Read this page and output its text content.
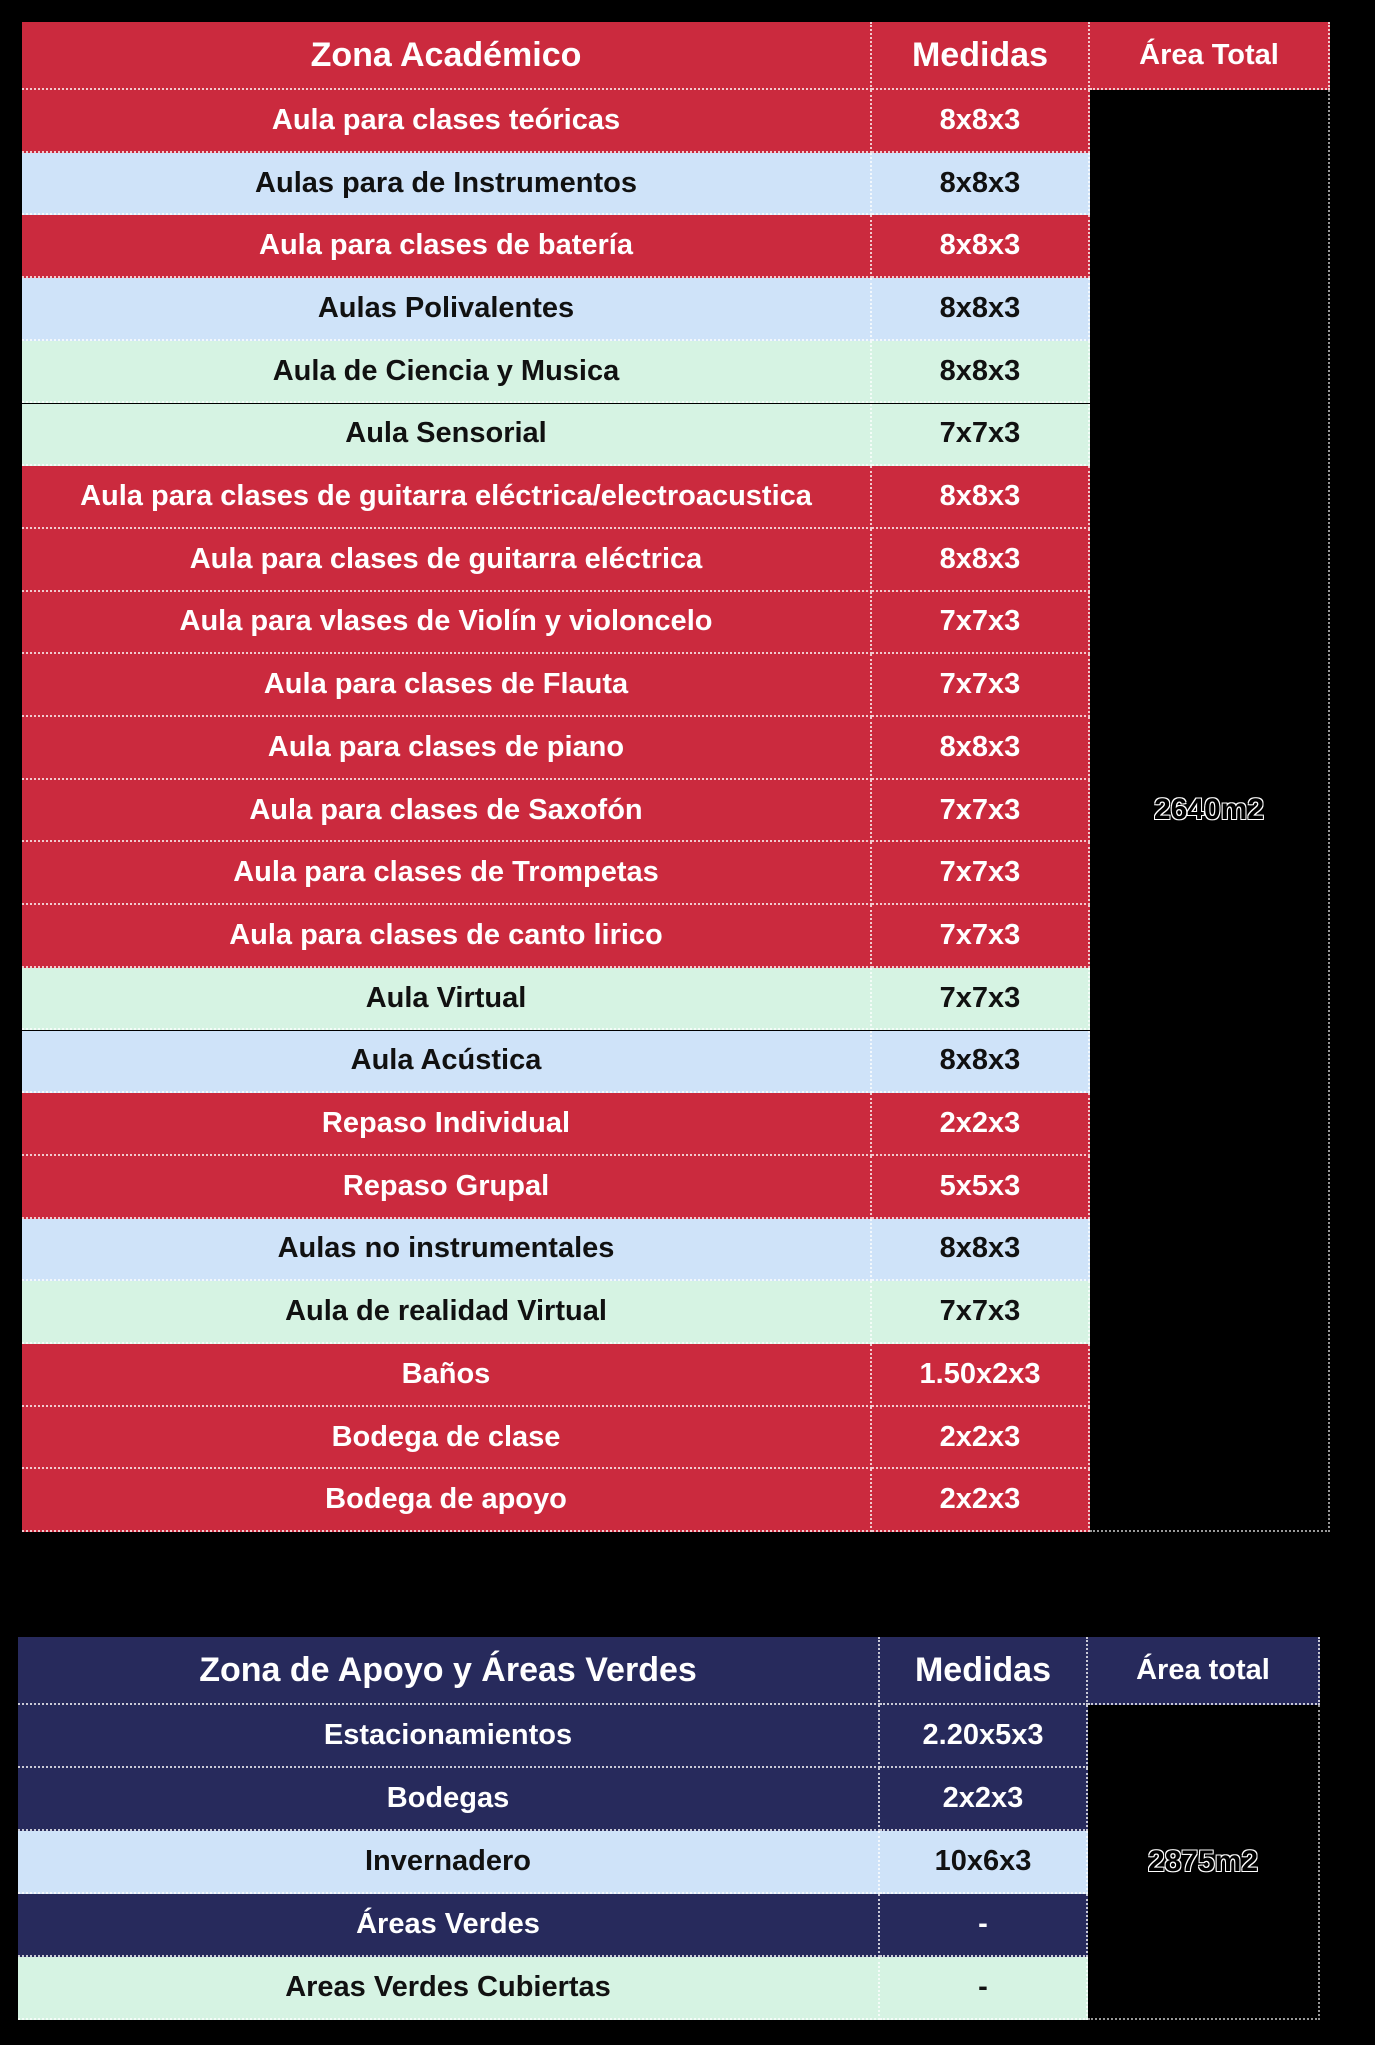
Zona Académico	Medidas	Área Total
Aula para clases teóricas	8x8x3
Aulas para de Instrumentos	8x8x3
Aula para clases de batería	8x8x3
Aulas Polivalentes	8x8x3
Aula de Ciencia y Musica	8x8x3
Aula Sensorial	7x7x3
Aula para clases de guitarra eléctrica/electroacustica	8x8x3
Aula para clases de guitarra eléctrica	8x8x3
Aula para vlases de Violín y violoncelo	7x7x3
Aula para clases de Flauta	7x7x3
Aula para clases de piano	8x8x3
Aula para clases de Saxofón	7x7x3
Aula para clases de Trompetas	7x7x3
Aula para clases de canto lirico	7x7x3
Aula Virtual	7x7x3
Aula Acústica	8x8x3
Repaso Individual	2x2x3
Repaso Grupal	5x5x3
Aulas no instrumentales	8x8x3
Aula de realidad Virtual	7x7x3
Baños	1.50x2x3
Bodega de clase	2x2x3
Bodega de apoyo	2x2x3
2640m2
Zona de Apoyo y Áreas Verdes	Medidas	Área total
Estacionamientos	2.20x5x3
Bodegas	2x2x3
Invernadero	10x6x3
Áreas Verdes	-
Areas Verdes Cubiertas	-
2875m2
